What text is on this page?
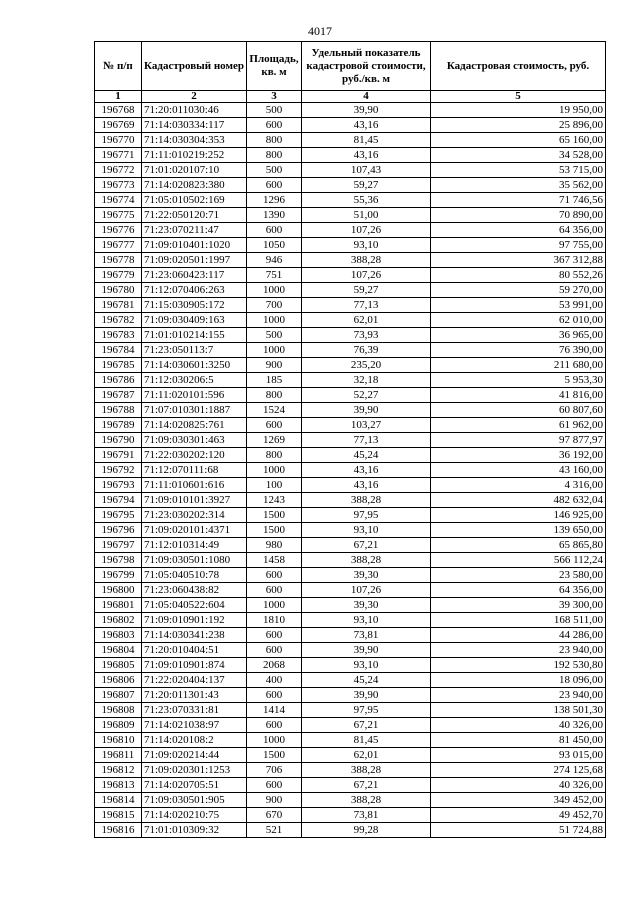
4017
№ п/п	Кадастровый номер	Площадь, кв. м	Удельный показатель кадастровой стоимости, руб./кв. м	Кадастровая стоимость, руб.
1	2	3	4	5
196768	71:20:011030:46	500	39,90	19 950,00
196769	71:14:030334:117	600	43,16	25 896,00
196770	71:14:030304:353	800	81,45	65 160,00
196771	71:11:010219:252	800	43,16	34 528,00
196772	71:01:020107:10	500	107,43	53 715,00
196773	71:14:020823:380	600	59,27	35 562,00
196774	71:05:010502:169	1296	55,36	71 746,56
196775	71:22:050120:71	1390	51,00	70 890,00
196776	71:23:070211:47	600	107,26	64 356,00
196777	71:09:010401:1020	1050	93,10	97 755,00
196778	71:09:020501:1997	946	388,28	367 312,88
196779	71:23:060423:117	751	107,26	80 552,26
196780	71:12:070406:263	1000	59,27	59 270,00
196781	71:15:030905:172	700	77,13	53 991,00
196782	71:09:030409:163	1000	62,01	62 010,00
196783	71:01:010214:155	500	73,93	36 965,00
196784	71:23:050113:7	1000	76,39	76 390,00
196785	71:14:030601:3250	900	235,20	211 680,00
196786	71:12:030206:5	185	32,18	5 953,30
196787	71:11:020101:596	800	52,27	41 816,00
196788	71:07:010301:1887	1524	39,90	60 807,60
196789	71:14:020825:761	600	103,27	61 962,00
196790	71:09:030301:463	1269	77,13	97 877,97
196791	71:22:030202:120	800	45,24	36 192,00
196792	71:12:070111:68	1000	43,16	43 160,00
196793	71:11:010601:616	100	43,16	4 316,00
196794	71:09:010101:3927	1243	388,28	482 632,04
196795	71:23:030202:314	1500	97,95	146 925,00
196796	71:09:020101:4371	1500	93,10	139 650,00
196797	71:12:010314:49	980	67,21	65 865,80
196798	71:09:030501:1080	1458	388,28	566 112,24
196799	71:05:040510:78	600	39,30	23 580,00
196800	71:23:060438:82	600	107,26	64 356,00
196801	71:05:040522:604	1000	39,30	39 300,00
196802	71:09:010901:192	1810	93,10	168 511,00
196803	71:14:030341:238	600	73,81	44 286,00
196804	71:20:010404:51	600	39,90	23 940,00
196805	71:09:010901:874	2068	93,10	192 530,80
196806	71:22:020404:137	400	45,24	18 096,00
196807	71:20:011301:43	600	39,90	23 940,00
196808	71:23:070331:81	1414	97,95	138 501,30
196809	71:14:021038:97	600	67,21	40 326,00
196810	71:14:020108:2	1000	81,45	81 450,00
196811	71:09:020214:44	1500	62,01	93 015,00
196812	71:09:020301:1253	706	388,28	274 125,68
196813	71:14:020705:51	600	67,21	40 326,00
196814	71:09:030501:905	900	388,28	349 452,00
196815	71:14:020210:75	670	73,81	49 452,70
196816	71:01:010309:32	521	99,28	51 724,88
